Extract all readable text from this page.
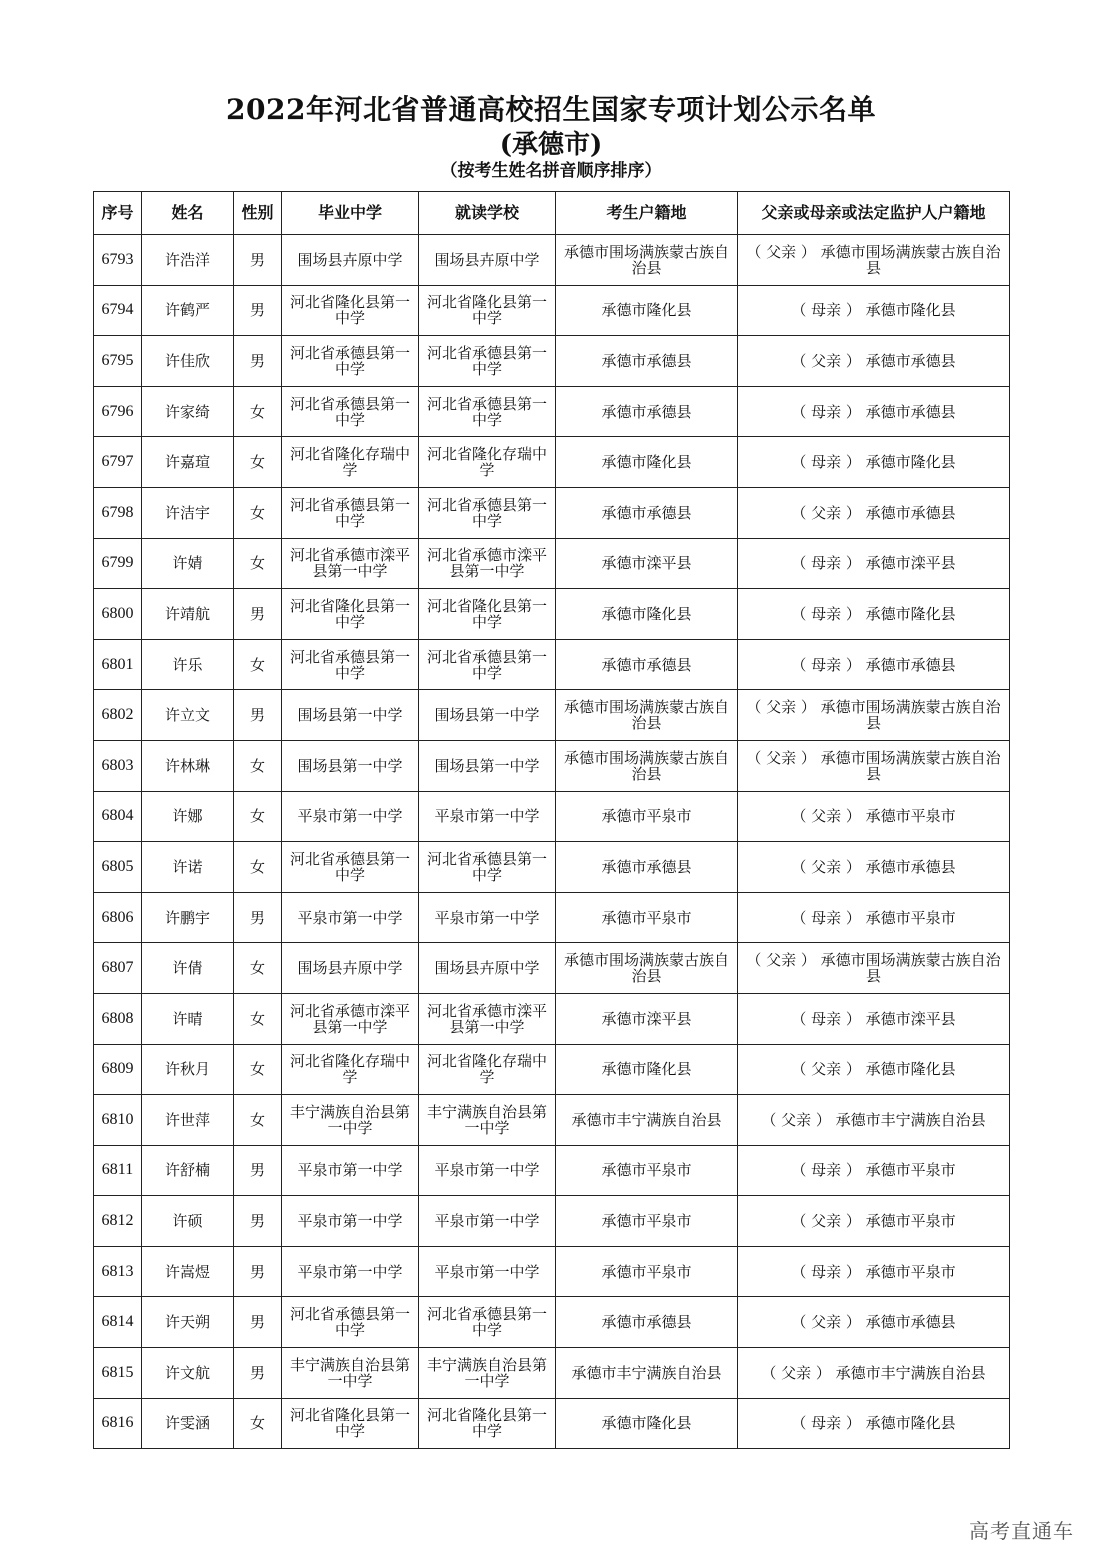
2022年河北省普通高校招生国家专项计划公示名单
(承德市)
（按考生姓名拼音顺序排序）
序号	姓名	性别	毕业中学	就读学校	考生户籍地	父亲或母亲或法定监护人户籍地
6793	许浩洋	男	围场县卉原中学	围场县卉原中学	承德市围场满族蒙古族自治县	（ 父亲 ） 承德市围场满族蒙古族自治县
6794	许鹤严	男	河北省隆化县第一中学	河北省隆化县第一中学	承德市隆化县	（ 母亲 ） 承德市隆化县
6795	许佳欣	男	河北省承德县第一中学	河北省承德县第一中学	承德市承德县	（ 父亲 ） 承德市承德县
6796	许家绮	女	河北省承德县第一中学	河北省承德县第一中学	承德市承德县	（ 母亲 ） 承德市承德县
6797	许嘉瑄	女	河北省隆化存瑞中学	河北省隆化存瑞中学	承德市隆化县	（ 母亲 ） 承德市隆化县
6798	许洁宇	女	河北省承德县第一中学	河北省承德县第一中学	承德市承德县	（ 父亲 ） 承德市承德县
6799	许婧	女	河北省承德市滦平县第一中学	河北省承德市滦平县第一中学	承德市滦平县	（ 母亲 ） 承德市滦平县
6800	许靖航	男	河北省隆化县第一中学	河北省隆化县第一中学	承德市隆化县	（ 母亲 ） 承德市隆化县
6801	许乐	女	河北省承德县第一中学	河北省承德县第一中学	承德市承德县	（ 母亲 ） 承德市承德县
6802	许立文	男	围场县第一中学	围场县第一中学	承德市围场满族蒙古族自治县	（ 父亲 ） 承德市围场满族蒙古族自治县
6803	许林琳	女	围场县第一中学	围场县第一中学	承德市围场满族蒙古族自治县	（ 父亲 ） 承德市围场满族蒙古族自治县
6804	许娜	女	平泉市第一中学	平泉市第一中学	承德市平泉市	（ 父亲 ） 承德市平泉市
6805	许诺	女	河北省承德县第一中学	河北省承德县第一中学	承德市承德县	（ 父亲 ） 承德市承德县
6806	许鹏宇	男	平泉市第一中学	平泉市第一中学	承德市平泉市	（ 母亲 ） 承德市平泉市
6807	许倩	女	围场县卉原中学	围场县卉原中学	承德市围场满族蒙古族自治县	（ 父亲 ） 承德市围场满族蒙古族自治县
6808	许晴	女	河北省承德市滦平县第一中学	河北省承德市滦平县第一中学	承德市滦平县	（ 母亲 ） 承德市滦平县
6809	许秋月	女	河北省隆化存瑞中学	河北省隆化存瑞中学	承德市隆化县	（ 父亲 ） 承德市隆化县
6810	许世萍	女	丰宁满族自治县第一中学	丰宁满族自治县第一中学	承德市丰宁满族自治县	（ 父亲 ） 承德市丰宁满族自治县
6811	许舒楠	男	平泉市第一中学	平泉市第一中学	承德市平泉市	（ 母亲 ） 承德市平泉市
6812	许硕	男	平泉市第一中学	平泉市第一中学	承德市平泉市	（ 父亲 ） 承德市平泉市
6813	许嵩煜	男	平泉市第一中学	平泉市第一中学	承德市平泉市	（ 母亲 ） 承德市平泉市
6814	许天朔	男	河北省承德县第一中学	河北省承德县第一中学	承德市承德县	（ 父亲 ） 承德市承德县
6815	许文航	男	丰宁满族自治县第一中学	丰宁满族自治县第一中学	承德市丰宁满族自治县	（ 父亲 ） 承德市丰宁满族自治县
6816	许雯涵	女	河北省隆化县第一中学	河北省隆化县第一中学	承德市隆化县	（ 母亲 ） 承德市隆化县
高考直通车
